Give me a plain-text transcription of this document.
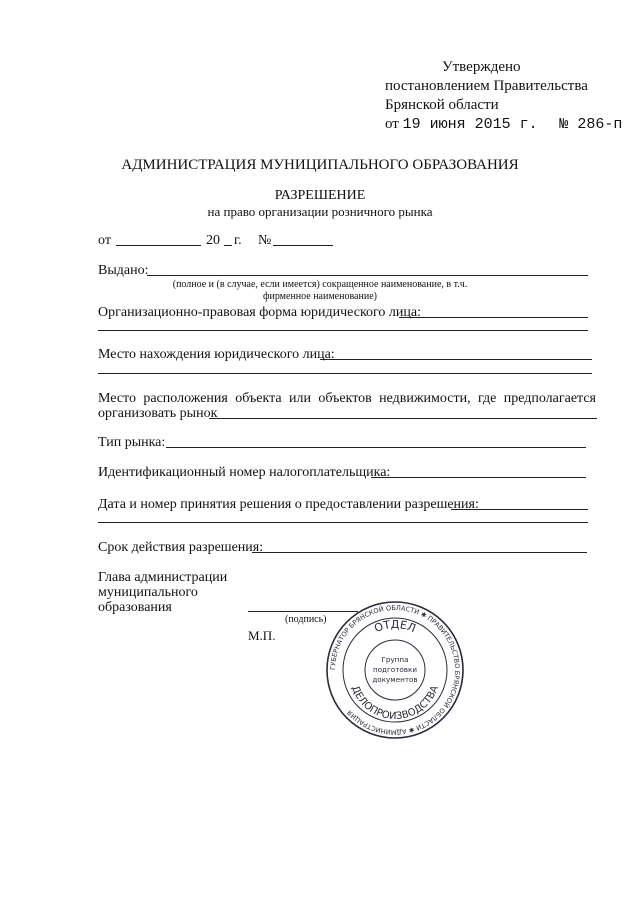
Утверждено
постановлением Правительства
Брянской области
от 19 июня 2015 г. № 286-п
АДМИНИСТРАЦИЯ МУНИЦИПАЛЬНОГО ОБРАЗОВАНИЯ
РАЗРЕШЕНИЕ
на право организации розничного рынка
от	20 г. №
Выдано:
(полное и (в случае, если имеется) сокращенное наименование, в т.ч.
фирменное наименование)
Организационно-правовая форма юридического лица:
Место нахождения юридического лица:
Место расположения объекта или объектов недвижимости, где предполагается
организовать рынок
Тип рынка:
Идентификационный номер налогоплательщика:
Дата и номер принятия решения о предоставлении разрешения:
Срок действия разрешения:
Глава администрации
муниципального
образования
(подпись)
М.П.
ГУБЕРНАТОР БРЯНСКОЙ ОБЛАСТИ ✱ ПРАВИТЕЛЬСТВО БРЯНСКОЙ ОБЛАСТИ ✱ АДМИНИСТРАЦИЯ
ОТДЕЛ
ДЕЛОПРОИЗВОДСТВА
Группа
подготовки
документов
